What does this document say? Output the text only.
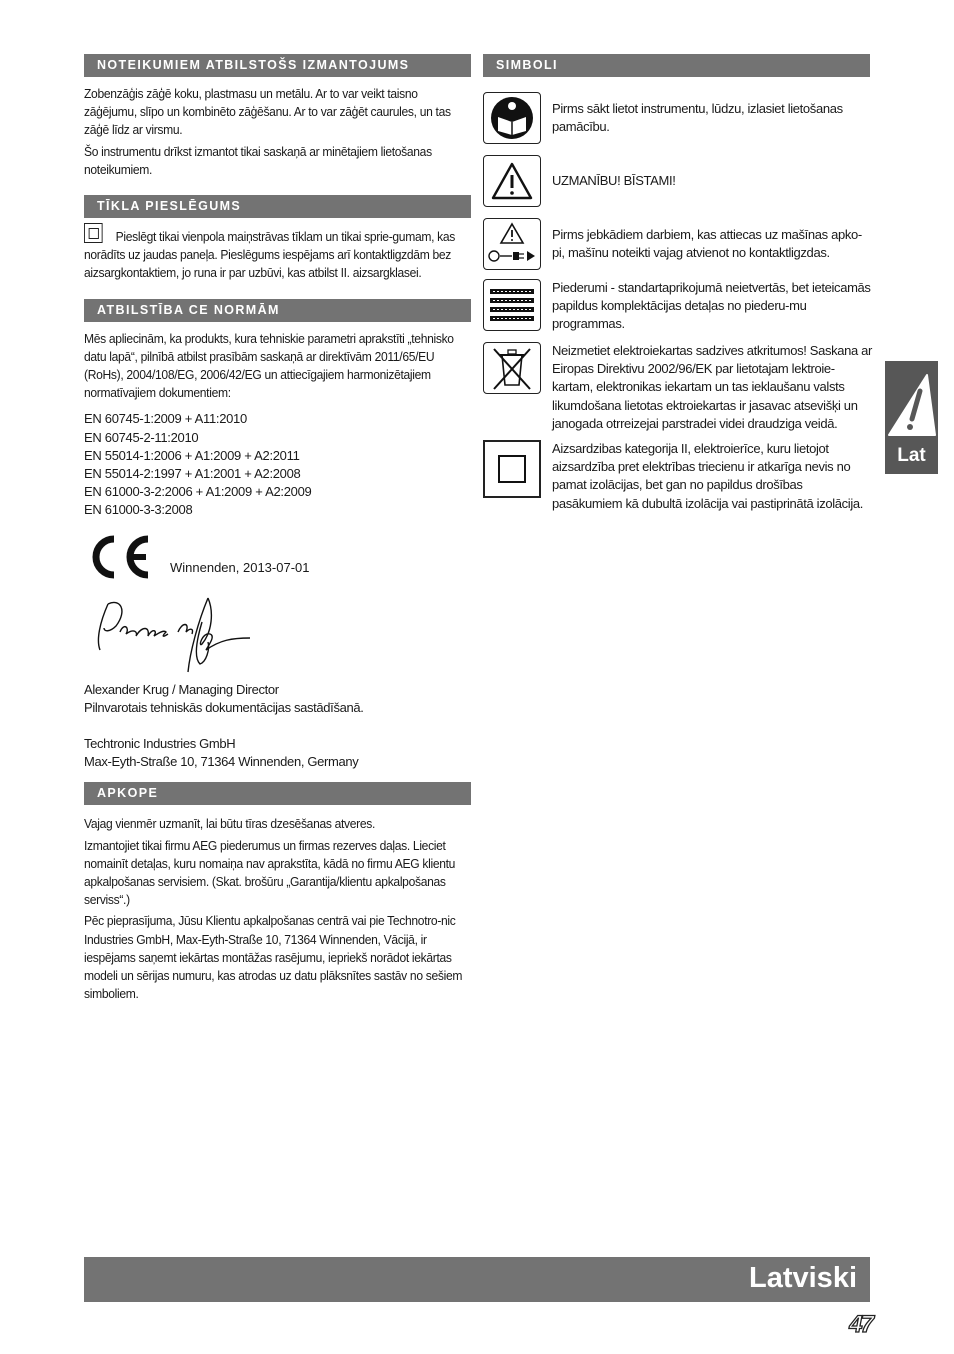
NOTEIKUMIEM ATBILSTOŠS IZMANTOJUMS

Zobenzāģis zāģē koku, plastmasu un metālu. Ar to var veikt taisno zāģējumu, slīpo un kombinēto zāģēšanu. Ar to var zāģēt caurules, un tas zāģē līdz ar virsmu.

Šo instrumentu drīkst izmantot tikai saskaņā ar minētajiem lietošanas noteikumiem.

TĪKLA PIESLĒGUMS
Pieslēgt tikai vienpola maiņstrāvas tīklam un tikai sprie-gumam, kas norādīts uz jaudas paneļa. Pieslēgums iespējams arī kontaktligzdām bez aizsargkontaktiem, jo runa ir par uzbūvi, kas atbilst II. aizsargklasei.
ATBILSTĪBA CE NORMĀM

Mēs apliecinām, ka produkts, kura tehniskie parametri aprakstīti „tehnisko datu lapā“, pilnībā atbilst prasībām saskaņā ar direktīvām 2011/65/EU (RoHs), 2004/108/EG, 2006/42/EG un attiecīgajiem harmonizētajiem normatīvajiem dokumentiem:

EN 60745-1:2009 + A11:2010
EN 60745-2-11:2010
EN 55014-1:2006 + A1:2009 + A2:2011
EN 55014-2:1997 + A1:2001 + A2:2008
EN 61000-3-2:2006 + A1:2009 + A2:2009
EN 61000-3-3:2008
Winnenden, 2013-07-01
Alexander Krug / Managing Director
Pilnvarotais tehniskās dokumentācijas sastādīšanā.
Techtronic Industries GmbH
Max-Eyth-Straße 10, 71364 Winnenden, Germany
APKOPE

Vajag vienmēr uzmanīt, lai būtu tīras dzesēšanas atveres.

Izmantojiet tikai firmu AEG piederumus un firmas rezerves daļas. Lieciet nomainīt detaļas, kuru nomaiņa nav aprakstīta, kādā no firmu AEG klientu apkalpošanas servisiem. (Skat. brošūru „Garantija/klientu apkalpošanas serviss“.)

Pēc pieprasījuma, Jūsu Klientu apkalpošanas centrā vai pie Technotro-nic Industries GmbH, Max-Eyth-Straße 10, 71364 Winnenden, Vācijā, ir iespējams saņemt iekārtas montāžas rasējumu, iepriekš norādot iekārtas modeli un sērijas numuru, kas atrodas uz datu plāksnītes sastāv no sešiem simboliem.

SIMBOLI
Pirms sākt lietot instrumentu, lūdzu, izlasiet lietošanas pamācību.
UZMANĪBU! BĪSTAMI!
Pirms jebkādiem darbiem, kas attiecas uz mašīnas apko-pi, mašīnu noteikti vajag atvienot no kontaktligzdas.
Piederumi - standartaprikojumā neietvertās, bet ieteicamās papildus komplektācijas detaļas no piederu-mu programmas.
Neizmetiet elektroiekartas sadzives atkritumos! Saskana ar Eiropas Direktivu 2002/96/EK par lietotajam lektroie-kartam, elektronikas iekartam un tas ieklaušanu valsts likumdošana lietotas ektroiekartas ir jasavac atsevišķi un janogada otrreizejai parstradei videi draudziga veidā.
Aizsardzibas kategorija II, elektroierīce, kuru lietojot aizsardzība pret elektrības triecienu ir atkarīga nevis no pamat izolācijas, bet gan no papildus drošības pasākumiem kā dubultā izolācija vai pastiprinātā izolācija.
Lat
Latviski
47
